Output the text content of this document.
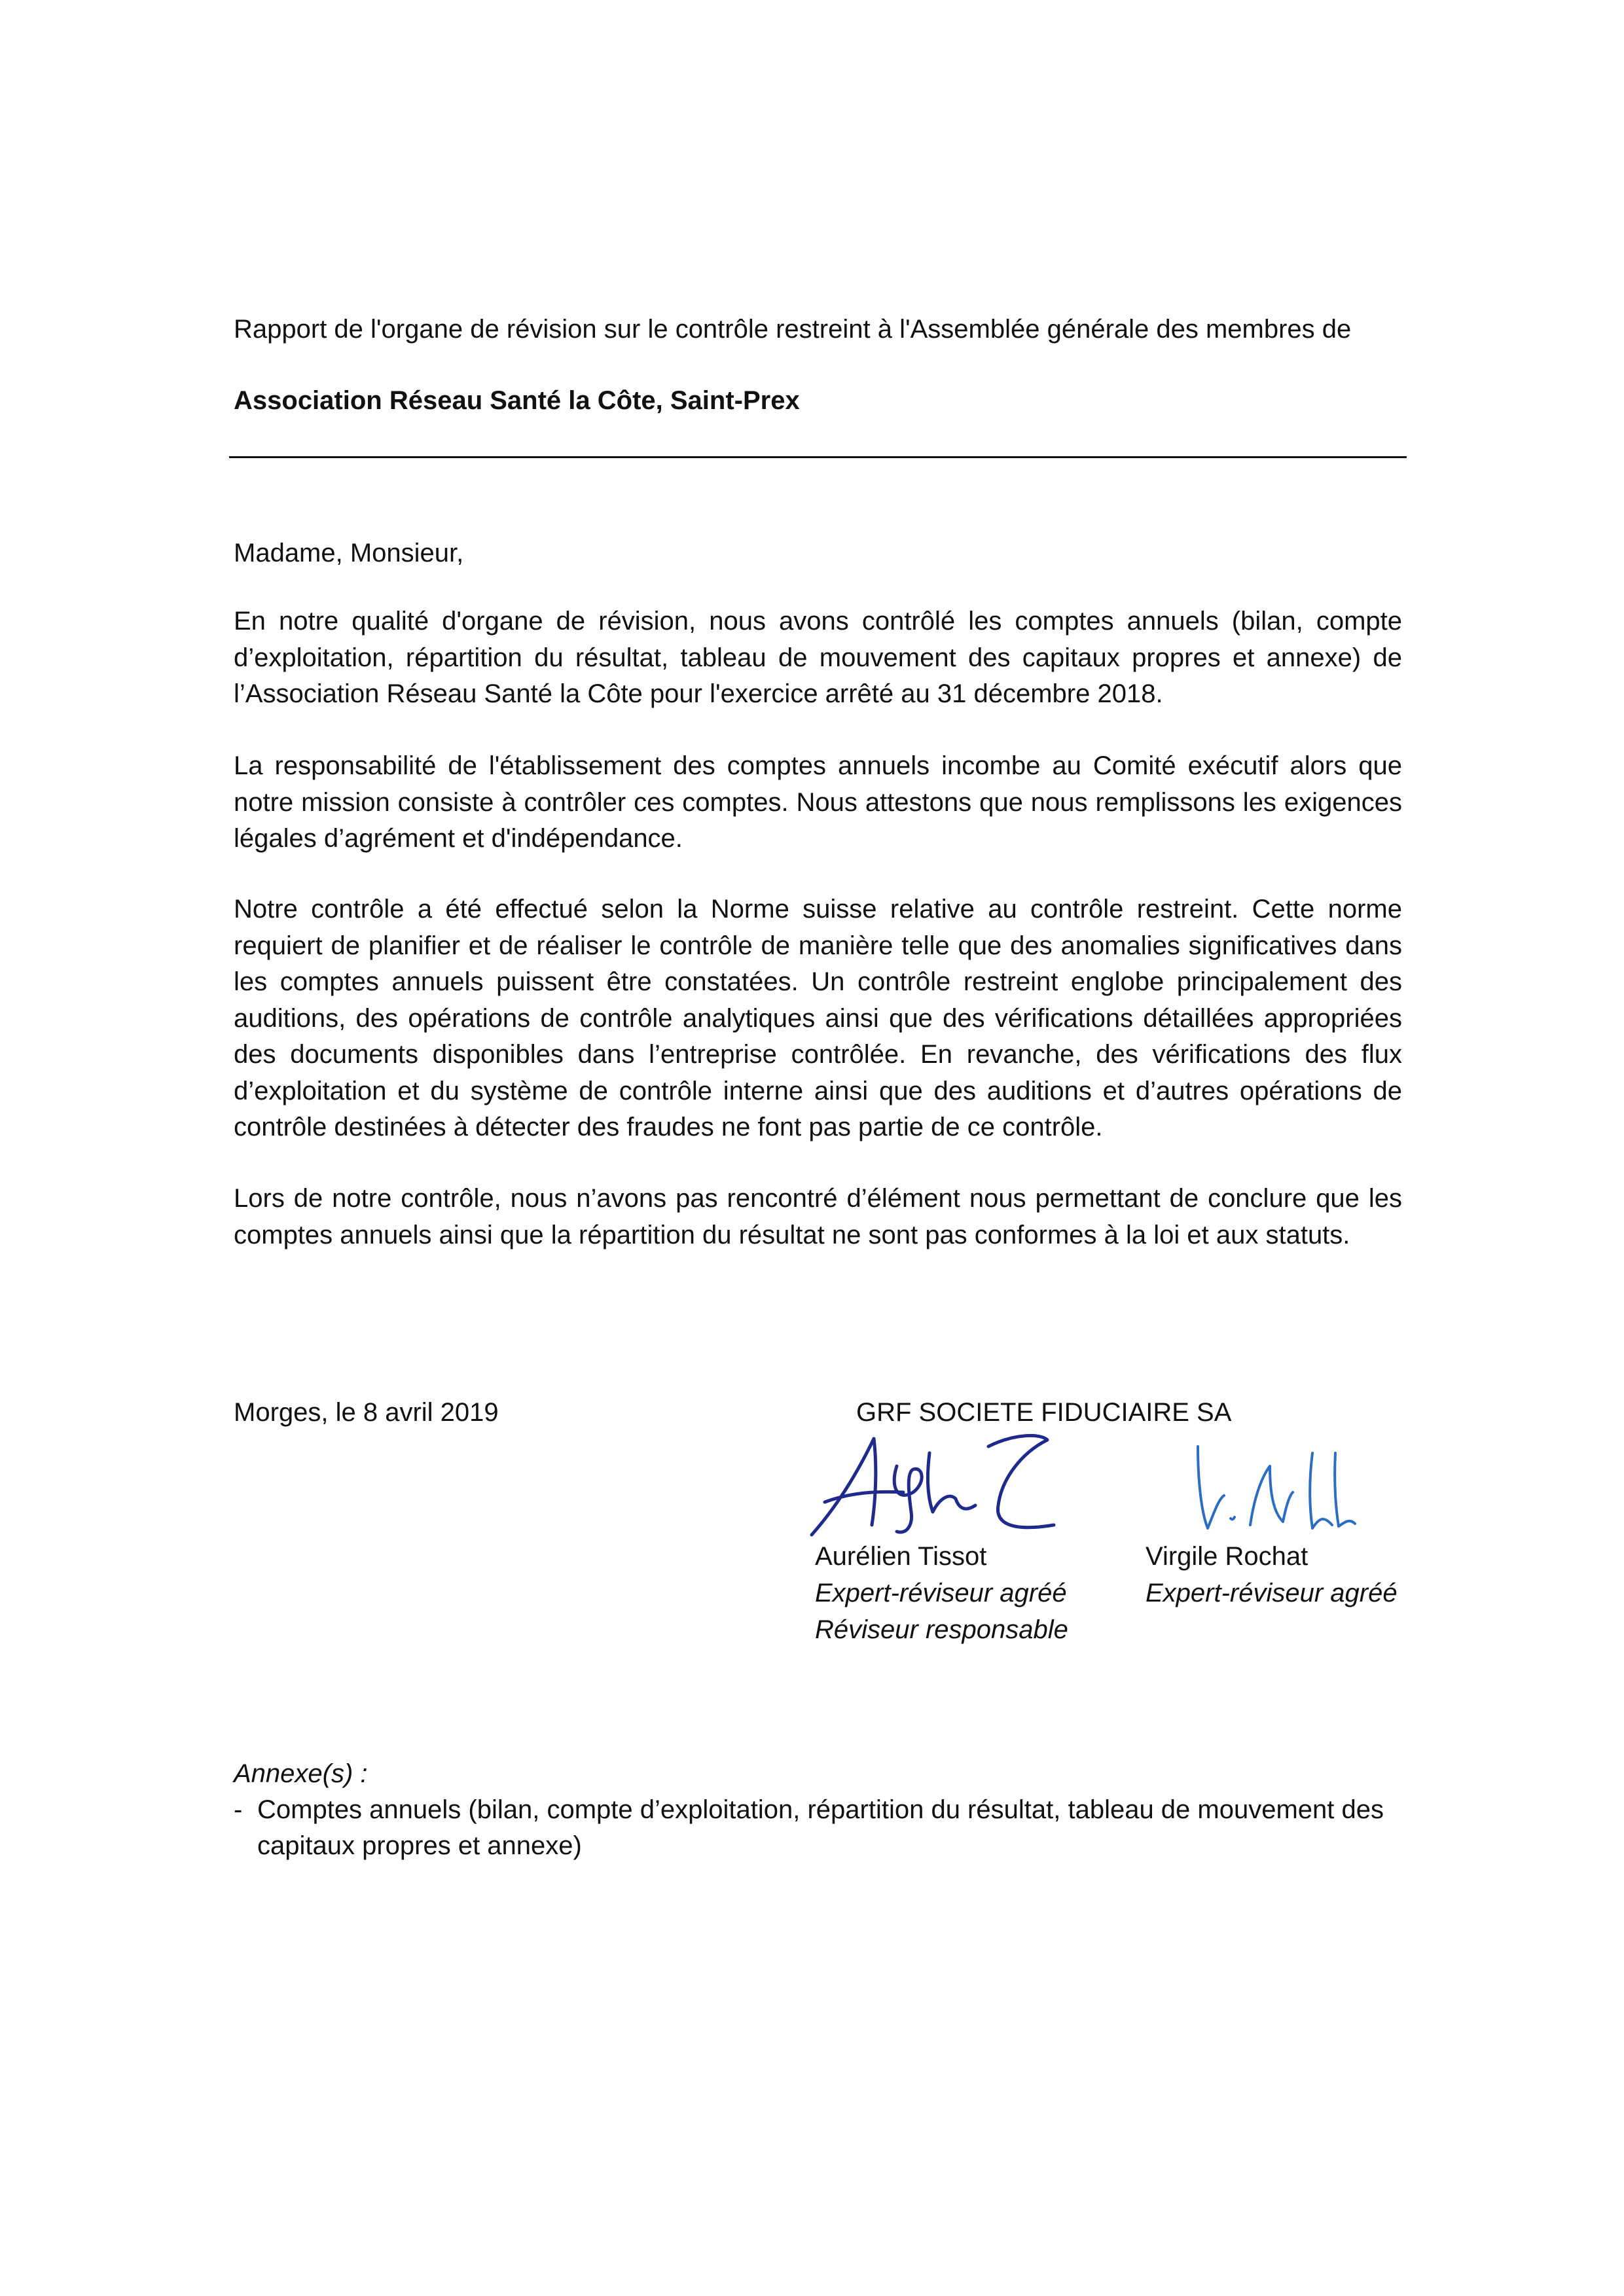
Rapport de l'organe de révision sur le contrôle restreint à l'Assemblée générale des membres de
Association Réseau Santé la Côte, Saint-Prex
Madame, Monsieur,
En notre qualité d'organe de révision, nous avons contrôlé les comptes annuels (bilan, compte d’exploitation, répartition du résultat, tableau de mouvement des capitaux propres et annexe) de l’Association Réseau Santé la Côte pour l'exercice arrêté au 31 décembre 2018.
La responsabilité de l'établissement des comptes annuels incombe au Comité exécutif alors que notre mission consiste à contrôler ces comptes. Nous attestons que nous remplissons les exigences légales d’agrément et d'indépendance.
Notre contrôle a été effectué selon la Norme suisse relative au contrôle restreint. Cette norme requiert de planifier et de réaliser le contrôle de manière telle que des anomalies significatives dans les comptes annuels puissent être constatées. Un contrôle restreint englobe principalement des auditions, des opérations de contrôle analytiques ainsi que des vérifications détaillées appropriées des documents disponibles dans l’entreprise contrôlée. En revanche, des vérifications des flux d’exploitation et du système de contrôle interne ainsi que des auditions et d’autres opérations de contrôle destinées à détecter des fraudes ne font pas partie de ce contrôle.
Lors de notre contrôle, nous n’avons pas rencontré d’élément nous permettant de conclure que les comptes annuels ainsi que la répartition du résultat ne sont pas conformes à la loi et aux statuts.
Morges, le 8 avril 2019	GRF SOCIETE FIDUCIAIRE SA
Aurélien Tissot
Expert-réviseur agréé
Réviseur responsable
Virgile Rochat
Expert-réviseur agréé
Annexe(s) :
- Comptes annuels (bilan, compte d’exploitation, répartition du résultat, tableau de mouvement des capitaux propres et annexe)
